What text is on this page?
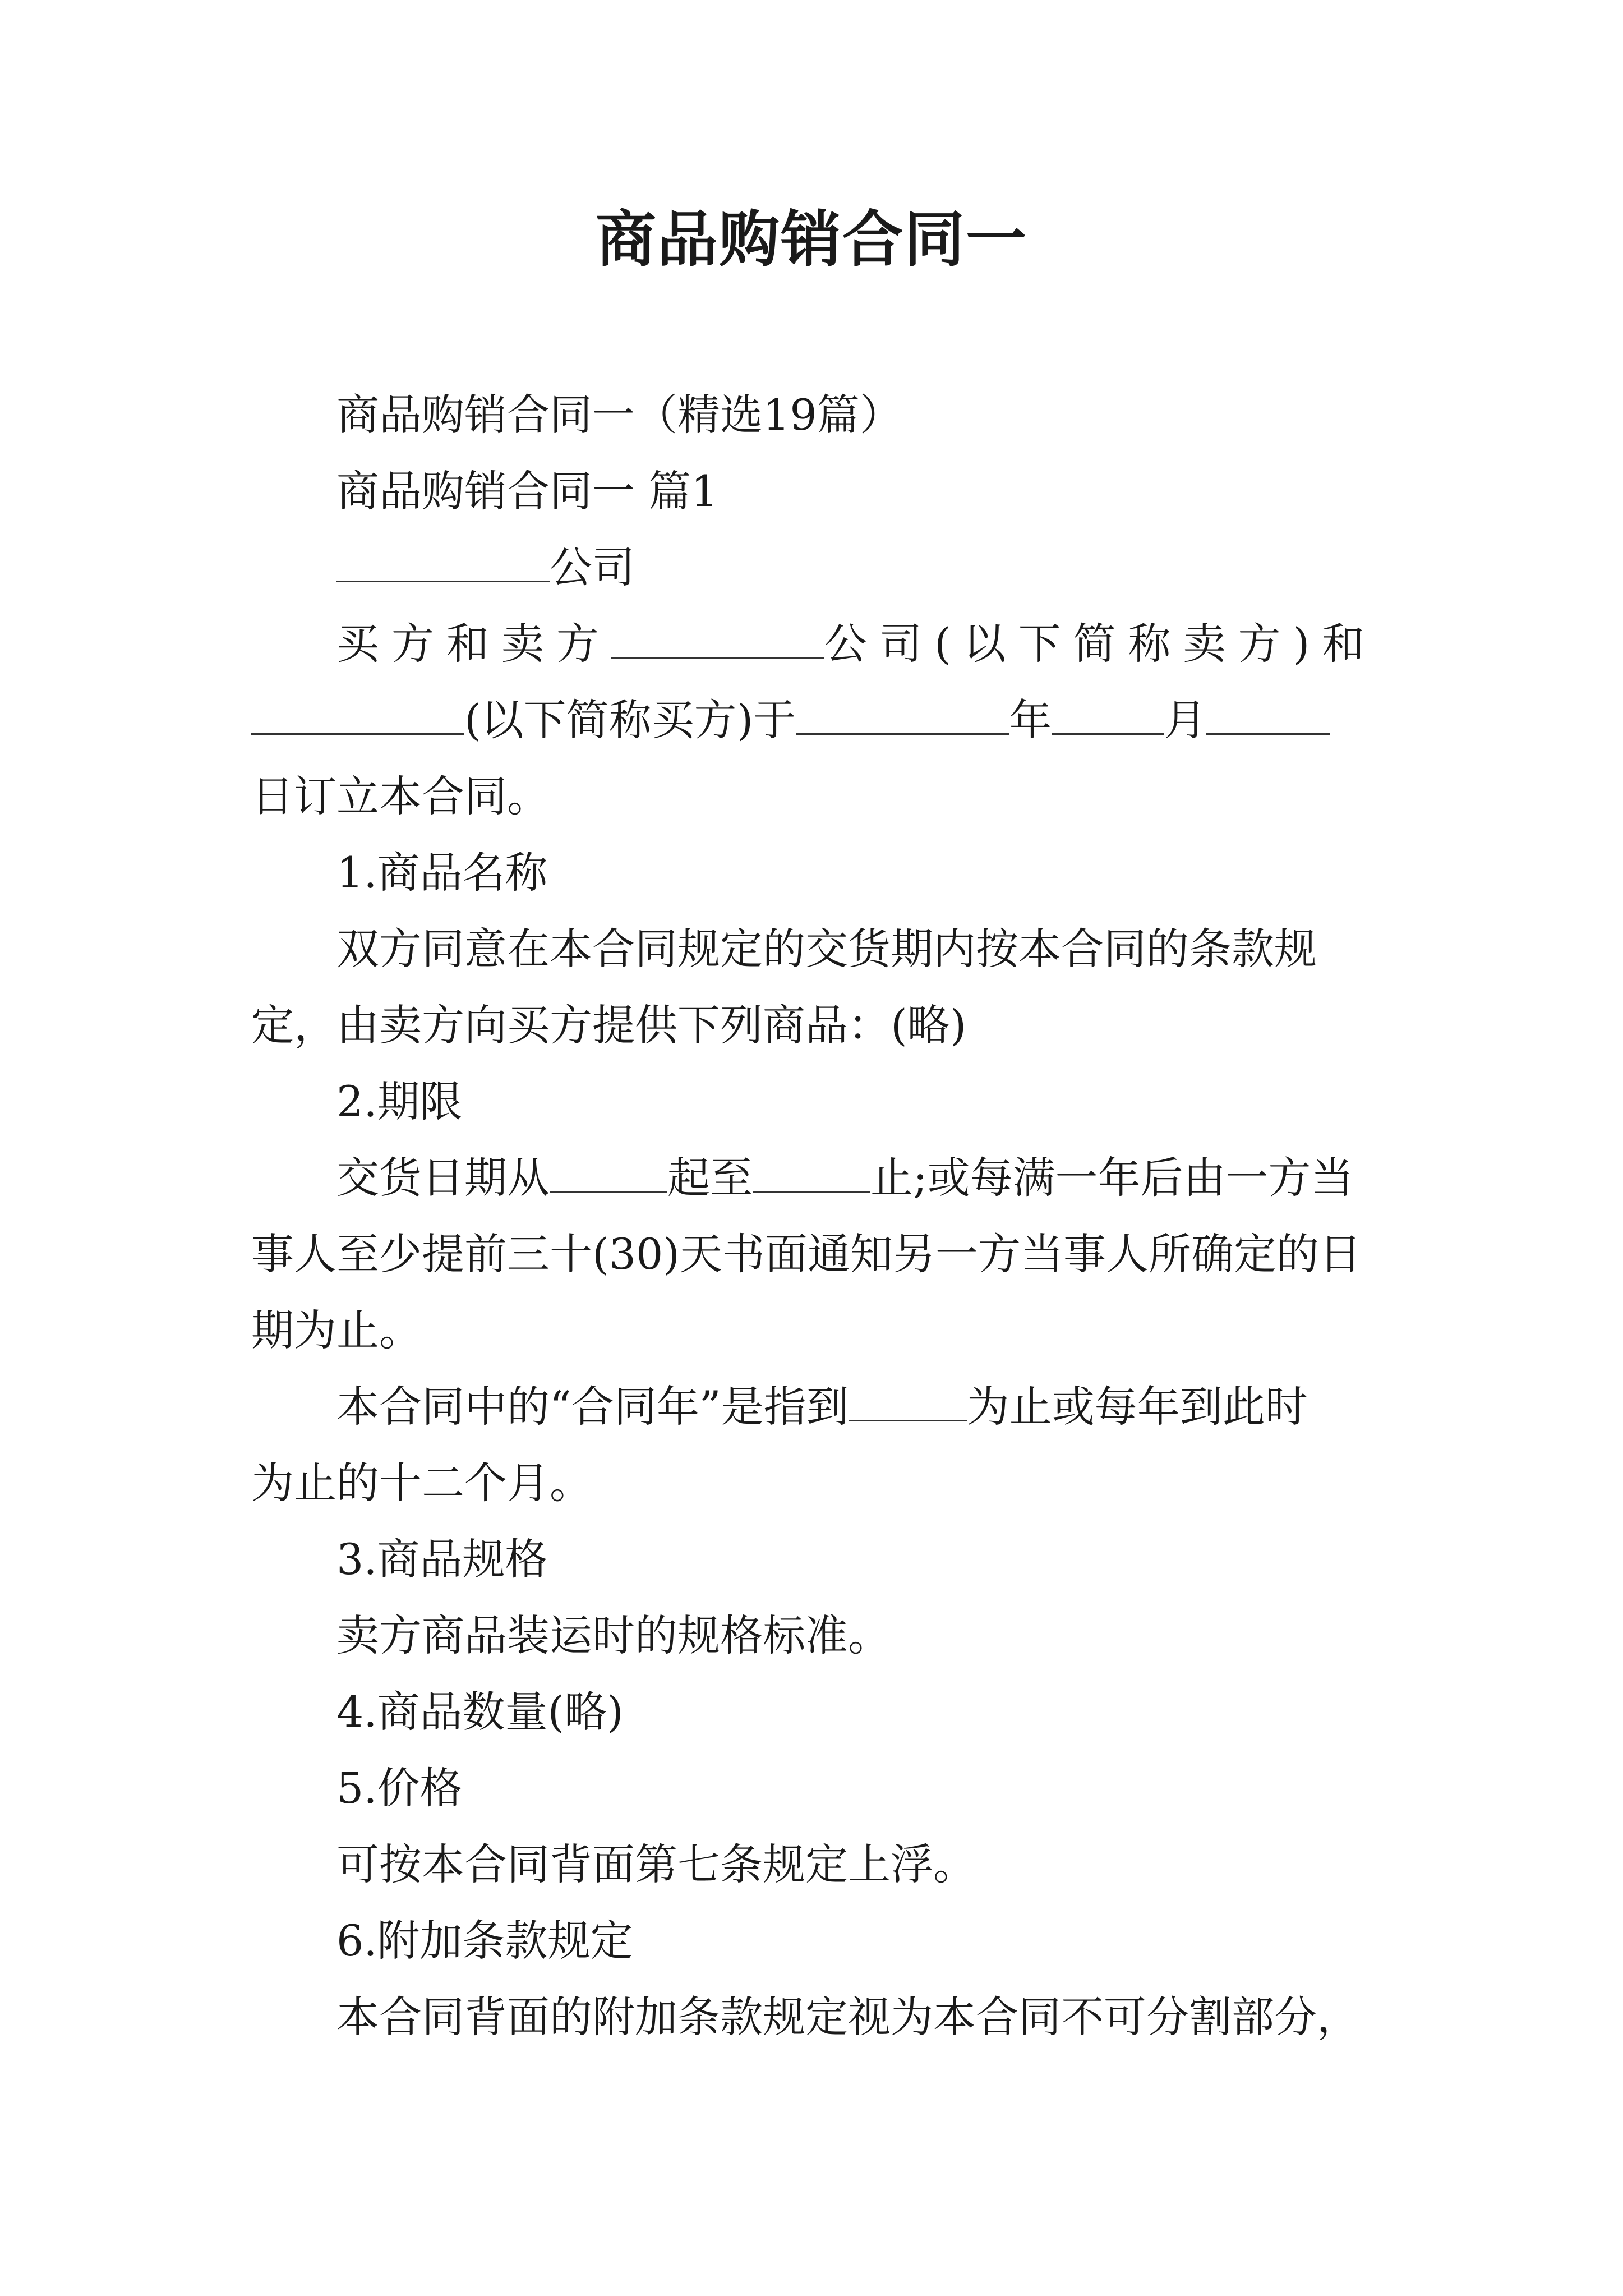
商品购销合同一

商品购销合同一（精选19篇）

商品购销合同一 篇1

公司

买方和卖方	公司(以下简称卖方)和

(以下简称买方)于	年	月

日订立本合同。

1.商品名称

双方同意在本合同规定的交货期内按本合同的条款规

定，由卖方向买方提供下列商品：(略)

2.期限

交货日期从	起至	止;或每满一年后由一方当

事人至少提前三十(30)天书面通知另一方当事人所确定的日

期为止。

本合同中的“合同年”是指到	为止或每年到此时

为止的十二个月。

3.商品规格

卖方商品装运时的规格标准。

4.商品数量(略)

5.价格

可按本合同背面第七条规定上浮。

6.附加条款规定

本合同背面的附加条款规定视为本合同不可分割部分，
